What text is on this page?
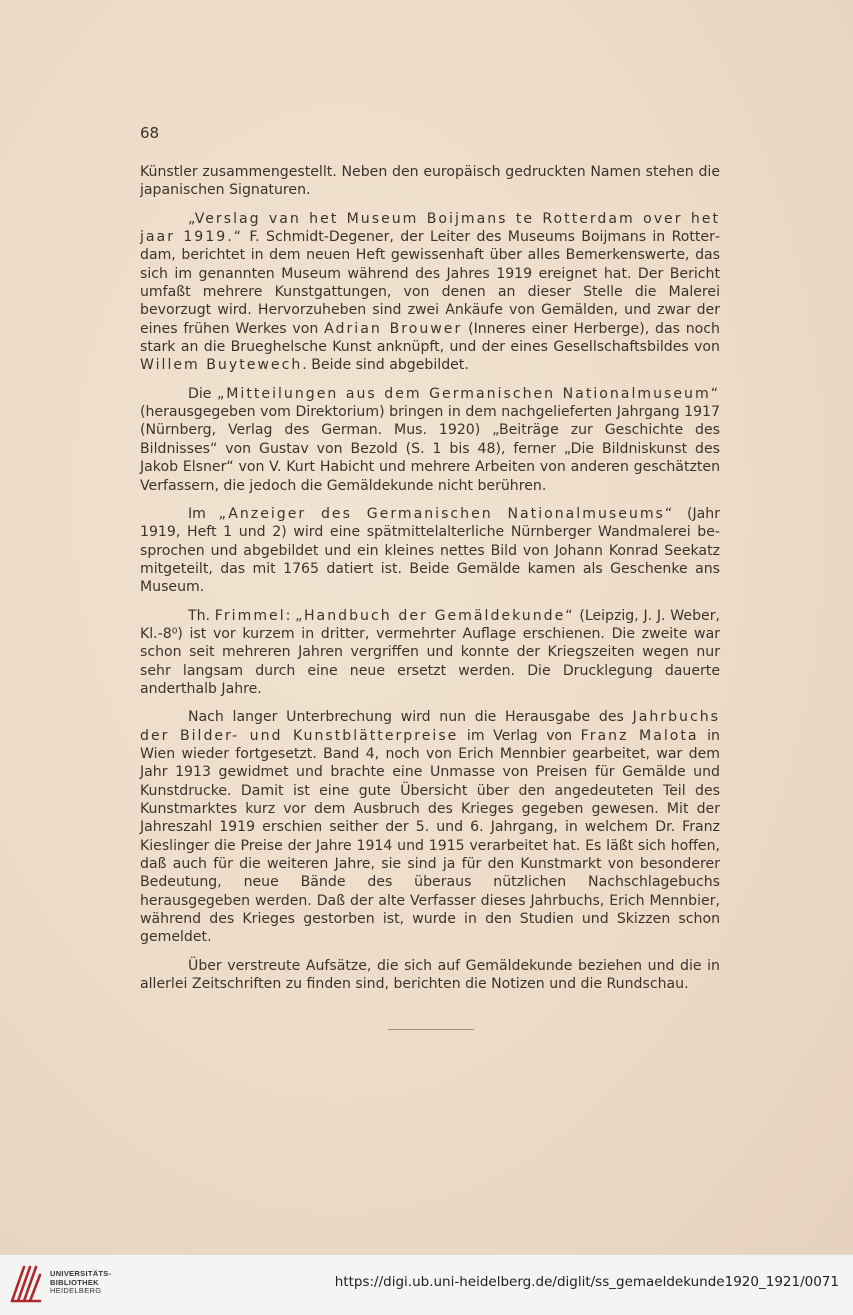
68

Künstler zusammengestellt. Neben den europäisch gedruckten Namen stehen die japanischen Signaturen.

„Verslag van het Museum Boijmans te Rotterdam over het jaar 1919.“ F. Schmidt-Degener, der Leiter des Museums Boijmans in Rotterdam, berichtet in dem neuen Heft gewissenhaft über alles Bemerkenswerte, das sich im genannten Museum während des Jahres 1919 ereignet hat. Der Bericht umfaßt mehrere Kunstgattungen, von denen an dieser Stelle die Malerei bevorzugt wird. Hervorzuheben sind zwei Ankäufe von Gemälden, und zwar der eines frühen Werkes von Adrian Brouwer (Inneres einer Herberge), das noch stark an die Brueghelsche Kunst anknüpft, und der eines Gesellschaftsbildes von Willem Buytewech. Beide sind abgebildet.

Die „Mitteilungen aus dem Germanischen Nationalmuseum“ (herausgegeben vom Direktorium) bringen in dem nachgelieferten Jahrgang 1917 (Nürnberg, Verlag des German. Mus. 1920) „Beiträge zur Geschichte des Bildnisses“ von Gustav von Bezold (S. 1 bis 48), ferner „Die Bildniskunst des Jakob Elsner“ von V. Kurt Habicht und mehrere Arbeiten von anderen geschätzten Verfassern, die jedoch die Gemäldekunde nicht berühren.

Im „Anzeiger des Germanischen Nationalmuseums“ (Jahr 1919, Heft 1 und 2) wird eine spätmittelalterliche Nürnberger Wandmalerei besprochen und abgebildet und ein kleines nettes Bild von Johann Konrad Seekatz mitgeteilt, das mit 1765 datiert ist. Beide Gemälde kamen als Geschenke ans Museum.

Th. Frimmel: „Handbuch der Gemäldekunde“ (Leipzig, J. J. Weber, Kl.-8⁰) ist vor kurzem in dritter, vermehrter Auflage erschienen. Die zweite war schon seit mehreren Jahren vergriffen und konnte der Kriegszeiten wegen nur sehr langsam durch eine neue ersetzt werden. Die Drucklegung dauerte anderthalb Jahre.

Nach langer Unterbrechung wird nun die Herausgabe des Jahrbuchs der Bilder- und Kunstblätterpreise im Verlag von Franz Malota in Wien wieder fortgesetzt. Band 4, noch von Erich Mennbier gearbeitet, war dem Jahr 1913 gewidmet und brachte eine Unmasse von Preisen für Gemälde und Kunstdrucke. Damit ist eine gute Übersicht über den angedeuteten Teil des Kunstmarktes kurz vor dem Ausbruch des Krieges gegeben gewesen. Mit der Jahreszahl 1919 erschien seither der 5. und 6. Jahrgang, in welchem Dr. Franz Kieslinger die Preise der Jahre 1914 und 1915 verarbeitet hat. Es läßt sich hoffen, daß auch für die weiteren Jahre, sie sind ja für den Kunstmarkt von besonderer Bedeutung, neue Bände des überaus nützlichen Nachschlagebuchs herausgegeben werden. Daß der alte Verfasser dieses Jahrbuchs, Erich Mennbier, während des Krieges gestorben ist, wurde in den Studien und Skizzen schon gemeldet.

Über verstreute Aufsätze, die sich auf Gemäldekunde beziehen und die in allerlei Zeitschriften zu finden sind, berichten die Notizen und die Rundschau.

UNIVERSITÄTS-
BIBLIOTHEK
HEIDELBERG
https://digi.ub.uni-heidelberg.de/diglit/ss_gemaeldekunde1920_1921/0071
